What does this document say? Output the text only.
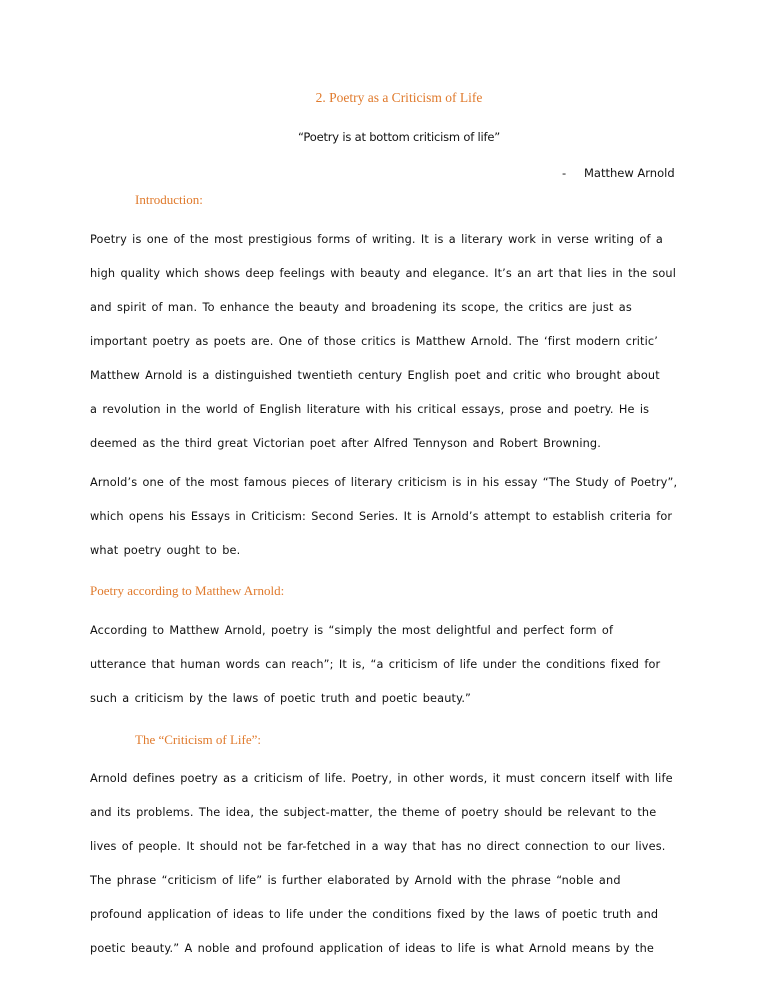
2. Poetry as a Criticism of Life
“Poetry is at bottom criticism of life”
- Matthew Arnold
Introduction:
Poetry is one of the most prestigious forms of writing. It is a literary work in verse writing of a
high quality which shows deep feelings with beauty and elegance. It’s an art that lies in the soul
and spirit of man. To enhance the beauty and broadening its scope, the critics are just as
important poetry as poets are. One of those critics is Matthew Arnold. The ‘first modern critic’
Matthew Arnold is a distinguished twentieth century English poet and critic who brought about
a revolution in the world of English literature with his critical essays, prose and poetry. He is
deemed as the third great Victorian poet after Alfred Tennyson and Robert Browning.
Arnold’s one of the most famous pieces of literary criticism is in his essay “The Study of Poetry”,
which opens his Essays in Criticism: Second Series. It is Arnold’s attempt to establish criteria for
what poetry ought to be.
Poetry according to Matthew Arnold:
According to Matthew Arnold, poetry is “simply the most delightful and perfect form of
utterance that human words can reach”; It is, “a criticism of life under the conditions fixed for
such a criticism by the laws of poetic truth and poetic beauty.”
The “Criticism of Life”:
Arnold defines poetry as a criticism of life. Poetry, in other words, it must concern itself with life
and its problems. The idea, the subject-matter, the theme of poetry should be relevant to the
lives of people. It should not be far-fetched in a way that has no direct connection to our lives.
The phrase “criticism of life” is further elaborated by Arnold with the phrase “noble and
profound application of ideas to life under the conditions fixed by the laws of poetic truth and
poetic beauty.” A noble and profound application of ideas to life is what Arnold means by the
